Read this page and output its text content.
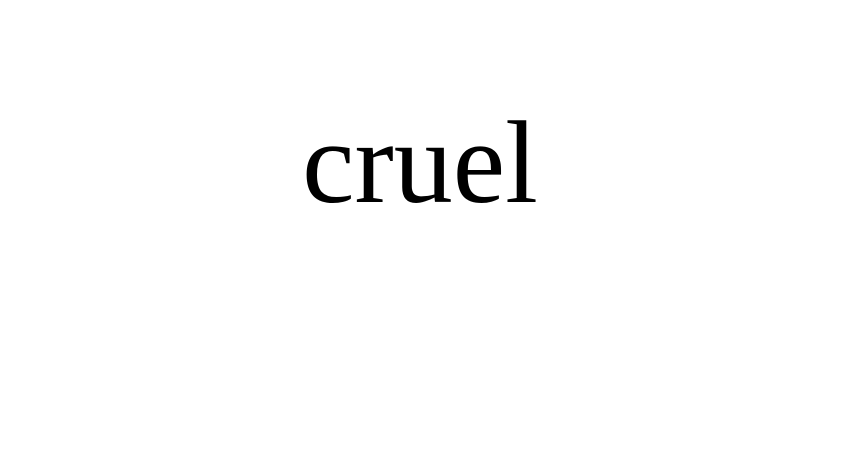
cruel
